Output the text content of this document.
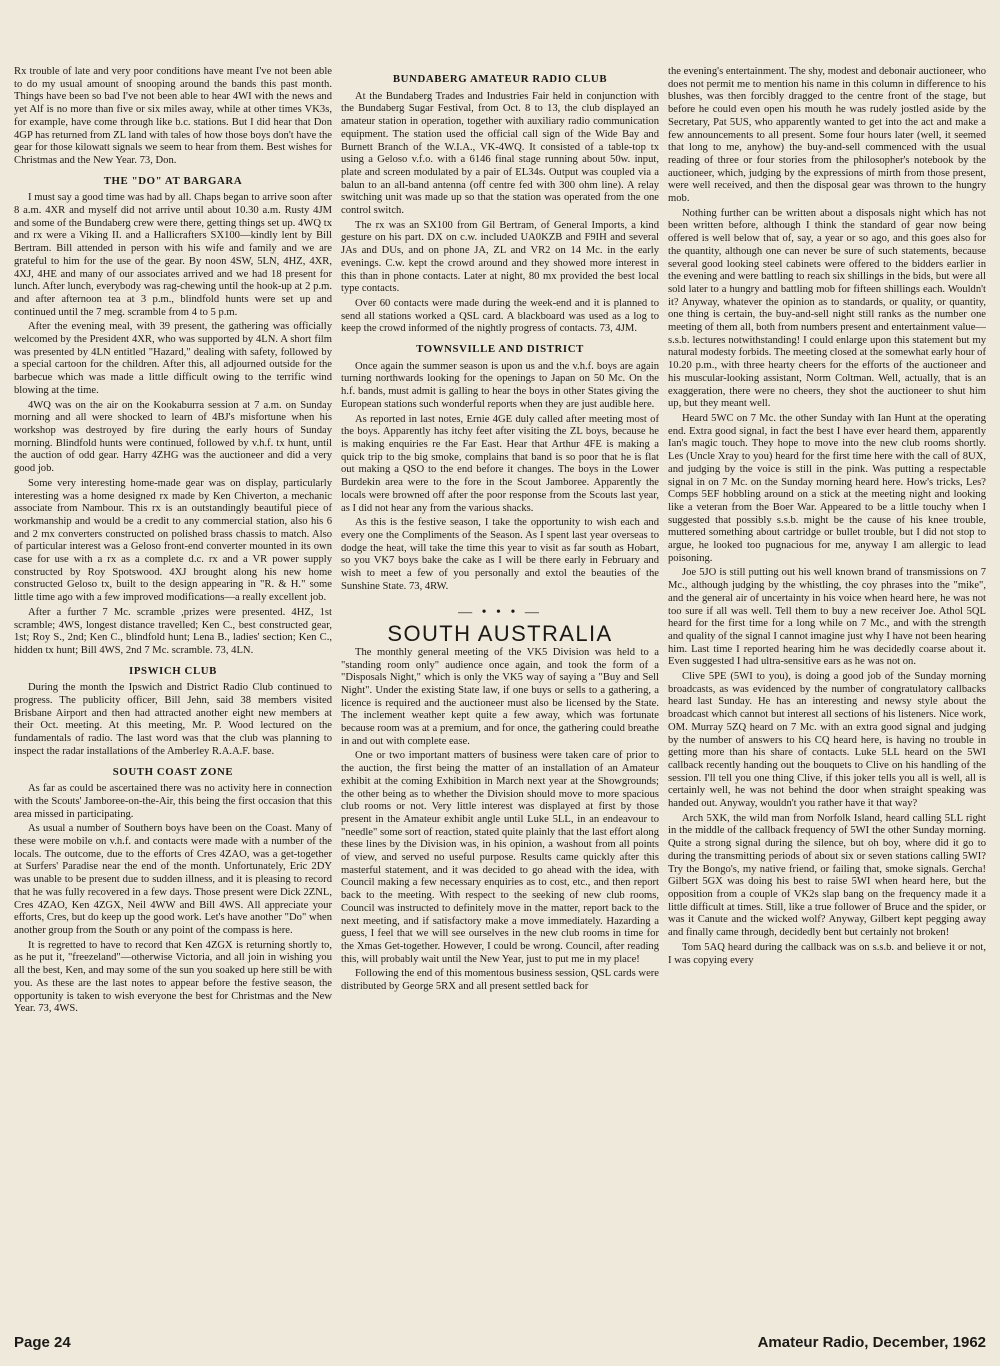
Rx trouble of late and very poor conditions have meant I've not been able to do my usual amount of snooping around the bands this past month. Things have been so bad I've not been able to hear 4WI with the news and yet Alf is no more than five or six miles away, while at other times VK3s, for example, have come through like b.c. stations. But I did hear that Don 4GP has returned from ZL land with tales of how those boys don't have the gear for those kilowatt signals we seem to hear from them. Best wishes for Christmas and the New Year. 73, Don.

THE "DO" AT BARGARA

I must say a good time was had by all. Chaps began to arrive soon after 8 a.m. 4XR and myself did not arrive until about 10.30 a.m. Rusty 4JM and some of the Bundaberg crew were there, getting things set up. 4WQ tx and rx were a Viking II. and a Hallicrafters SX100—kindly lent by Bill Bertram. Bill attended in person with his wife and family and we are grateful to him for the use of the gear. By noon 4SW, 5LN, 4HZ, 4XR, 4XJ, 4HE and many of our associates arrived and we had 18 present for lunch. After lunch, everybody was rag-chewing until the hook-up at 2 p.m. and after afternoon tea at 3 p.m., blindfold hunts were set up and continued until the 7 meg. scramble from 4 to 5 p.m.

After the evening meal, with 39 present, the gathering was officially welcomed by the President 4XR, who was supported by 4LN. A short film was presented by 4LN entitled "Hazard," dealing with safety, followed by a special cartoon for the children. After this, all adjourned outside for the barbecue which was made a little difficult owing to the terrific wind blowing at the time.

4WQ was on the air on the Kookaburra session at 7 a.m. on Sunday morning and all were shocked to learn of 4BJ's misfortune when his workshop was destroyed by fire during the early hours of Sunday morning. Blindfold hunts were continued, followed by v.h.f. tx hunt, until the auction of odd gear. Harry 4ZHG was the auctioneer and did a very good job.

Some very interesting home-made gear was on display, particularly interesting was a home designed rx made by Ken Chiverton, a mechanic associate from Nambour. This rx is an outstandingly beautiful piece of workmanship and would be a credit to any commercial station, also his 6 and 2 mx converters constructed on polished brass chassis to match. Also of particular interest was a Geloso front-end converter mounted in its own case for use with a rx as a complete d.c. rx and a VR power supply constructed by Roy Spotswood. 4XJ brought along his new home constructed Geloso tx, built to the design appearing in "R. & H." some little time ago with a few improved modifications—a really excellent job.

After a further 7 Mc. scramble ,prizes were presented. 4HZ, 1st scramble; 4WS, longest distance travelled; Ken C., best constructed gear, 1st; Roy S., 2nd; Ken C., blindfold hunt; Lena B., ladies' section; Ken C., hidden tx hunt; Bill 4WS, 2nd 7 Mc. scramble. 73, 4LN.

IPSWICH CLUB

During the month the Ipswich and District Radio Club continued to progress. The publicity officer, Bill Jehn, said 38 members visited Brisbane Airport and then had attracted another eight new members at their Oct. meeting. At this meeting, Mr. P. Wood lectured on the fundamentals of radio. The last word was that the club was planning to inspect the radar installations of the Amberley R.A.A.F. base.

SOUTH COAST ZONE

As far as could be ascertained there was no activity here in connection with the Scouts' Jamboree-on-the-Air, this being the first occasion that this area missed in participating.

As usual a number of Southern boys have been on the Coast. Many of these were mobile on v.h.f. and contacts were made with a number of the locals. The outcome, due to the efforts of Cres 4ZAO, was a get-together at Surfers' Paradise near the end of the month. Unfortunately, Eric 2DY was unable to be present due to sudden illness, and it is pleasing to record that he was fully recovered in a few days. Those present were Dick 2ZNL, Cres 4ZAO, Ken 4ZGX, Neil 4WW and Bill 4WS. All appreciate your efforts, Cres, but do keep up the good work. Let's have another "Do" when another group from the South or any point of the compass is here.

It is regretted to have to record that Ken 4ZGX is returning shortly to, as he put it, "freezeland"—otherwise Victoria, and all join in wishing you all the best, Ken, and may some of the sun you soaked up here still be with you. As these are the last notes to appear before the festive season, the opportunity is taken to wish everyone the best for Christmas and the New Year. 73, 4WS.

BUNDABERG AMATEUR RADIO CLUB

At the Bundaberg Trades and Industries Fair held in conjunction with the Bundaberg Sugar Festival, from Oct. 8 to 13, the club displayed an amateur station in operation, together with auxiliary radio communication equipment. The station used the official call sign of the Wide Bay and Burnett Branch of the W.I.A., VK-4WQ. It consisted of a table-top tx using a Geloso v.f.o. with a 6146 final stage running about 50w. input, plate and screen modulated by a pair of EL34s. Output was coupled via a balun to an all-band antenna (off centre fed with 300 ohm line). A relay switching unit was made up so that the station was operated from the one control switch.

The rx was an SX100 from Gil Bertram, of General Imports, a kind gesture on his part. DX on c.w. included UA0KZB and F9IH and several JAs and DUs, and on phone JA, ZL and VR2 on 14 Mc. in the early evenings. C.w. kept the crowd around and they showed more interest in this than in phone contacts. Later at night, 80 mx provided the best local type contacts.

Over 60 contacts were made during the week-end and it is planned to send all stations worked a QSL card. A blackboard was used as a log to keep the crowd informed of the nightly progress of contacts. 73, 4JM.

TOWNSVILLE AND DISTRICT

Once again the summer season is upon us and the v.h.f. boys are again turning northwards looking for the openings to Japan on 50 Mc. On the h.f. bands, must admit is galling to hear the boys in other States giving the European stations such wonderful reports when they are just audible here.

As reported in last notes, Ernie 4GE duly called after meeting most of the boys. Apparently has itchy feet after visiting the ZL boys, because he is making enquiries re the Far East. Hear that Arthur 4FE is making a quick trip to the big smoke, complains that band is so poor that he is flat out making a QSO to the end before it changes. The boys in the Lower Burdekin area were to the fore in the Scout Jamboree. Apparently the locals were browned off after the poor response from the Scouts last year, as I did not hear any from the various shacks.

As this is the festive season, I take the opportunity to wish each and every one the Compliments of the Season. As I spent last year overseas to dodge the heat, will take the time this year to visit as far south as Hobart, so you VK7 boys bake the cake as I will be there early in February and wish to meet a few of you personally and extol the beauties of the Sunshine State. 73, 4RW.

— • • • —
SOUTH AUSTRALIA

The monthly general meeting of the VK5 Division was held to a "standing room only" audience once again, and took the form of a "Disposals Night," which is only the VK5 way of saying a "Buy and Sell Night". Under the existing State law, if one buys or sells to a gathering, a licence is required and the auctioneer must also be licensed by the State. The inclement weather kept quite a few away, which was fortunate because room was at a premium, and for once, the gathering could breathe in and out with complete ease.

One or two important matters of business were taken care of prior to the auction, the first being the matter of an installation of an Amateur exhibit at the coming Exhibition in March next year at the Showgrounds; the other being as to whether the Division should move to more spacious club rooms or not. Very little interest was displayed at first by those present in the Amateur exhibit angle until Luke 5LL, in an endeavour to "needle" some sort of reaction, stated quite plainly that the last effort along these lines by the Division was, in his opinion, a washout from all points of view, and served no useful purpose. Results came quickly after this masterful statement, and it was decided to go ahead with the idea, with Council making a few necessary enquiries as to cost, etc., and then report back to the meeting. With respect to the seeking of new club rooms, Council was instructed to definitely move in the matter, report back to the next meeting, and if satisfactory make a move immediately. Hazarding a guess, I feel that we will see ourselves in the new club rooms in time for the Xmas Get-together. However, I could be wrong. Council, after reading this, will probably wait until the New Year, just to put me in my place!

Following the end of this momentous business session, QSL cards were distributed by George 5RX and all present settled back for

the evening's entertainment. The shy, modest and debonair auctioneer, who does not permit me to mention his name in this column in difference to his blushes, was then forcibly dragged to the centre front of the stage, but before he could even open his mouth he was rudely jostled aside by the Secretary, Pat 5US, who apparently wanted to get into the act and make a few announcements to all present. Some four hours later (well, it seemed that long to me, anyhow) the buy-and-sell commenced with the usual reading of three or four stories from the philosopher's notebook by the auctioneer, which, judging by the expressions of mirth from those present, were well received, and then the disposal gear was thrown to the hungry mob.

Nothing further can be written about a disposals night which has not been written before, although I think the standard of gear now being offered is well below that of, say, a year or so ago, and this goes also for the quantity, although one can never be sure of such statements, because several good looking steel cabinets were offered to the bidders earlier in the evening and were battling to reach six shillings in the bids, but were all sold later to a hungry and battling mob for fifteen shillings each. Wouldn't it? Anyway, whatever the opinion as to standards, or quality, or quantity, one thing is certain, the buy-and-sell night still ranks as the number one meeting of them all, both from numbers present and entertainment value—s.s.b. lectures notwithstanding! I could enlarge upon this statement but my natural modesty forbids. The meeting closed at the somewhat early hour of 10.20 p.m., with three hearty cheers for the efforts of the auctioneer and his muscular-looking assistant, Norm Coltman. Well, actually, that is an exaggeration, there were no cheers, they shot the auctioneer to shut him up, but they meant well.

Heard 5WC on 7 Mc. the other Sunday with Ian Hunt at the operating end. Extra good signal, in fact the best I have ever heard them, apparently Ian's magic touch. They hope to move into the new club rooms shortly. Les (Uncle Xray to you) heard for the first time here with the call of 8UX, and judging by the voice is still in the pink. Was putting a respectable signal in on 7 Mc. on the Sunday morning heard here. How's tricks, Les? Comps 5EF hobbling around on a stick at the meeting night and looking like a veteran from the Boer War. Appeared to be a little touchy when I suggested that possibly s.s.b. might be the cause of his knee trouble, muttered something about cartridge or bullet trouble, but I did not stop to argue, he looked too pugnacious for me, anyway I am allergic to lead poisoning.

Joe 5JO is still putting out his well known brand of transmissions on 7 Mc., although judging by the whistling, the coy phrases into the "mike", and the general air of uncertainty in his voice when heard here, he was not too sure if all was well. Tell them to buy a new receiver Joe. Athol 5QL heard for the first time for a long while on 7 Mc., and with the strength and quality of the signal I cannot imagine just why I have not been hearing him. Last time I reported hearing him he was decidedly coarse about it. Even suggested I had ultra-sensitive ears as he was not on.

Clive 5PE (5WI to you), is doing a good job of the Sunday morning broadcasts, as was evidenced by the number of congratulatory callbacks heard last Sunday. He has an interesting and newsy style about the broadcast which cannot but interest all sections of his listeners. Nice work, OM. Murray 5ZQ heard on 7 Mc. with an extra good signal and judging by the number of answers to his CQ heard here, is having no trouble in getting more than his share of contacts. Luke 5LL heard on the 5WI callback recently handing out the bouquets to Clive on his handling of the session. I'll tell you one thing Clive, if this joker tells you all is well, all is certainly well, he was not behind the door when straight speaking was handed out. Anyway, wouldn't you rather have it that way?

Arch 5XK, the wild man from Norfolk Island, heard calling 5LL right in the middle of the callback frequency of 5WI the other Sunday morning. Quite a strong signal during the silence, but oh boy, where did it go to during the transmitting periods of about six or seven stations calling 5WI? Try the Bongo's, my native friend, or failing that, smoke signals. Gercha! Gilbert 5GX was doing his best to raise 5WI when heard here, but the opposition from a couple of VK2s slap bang on the frequency made it a little difficult at times. Still, like a true follower of Bruce and the spider, or was it Canute and the wicked wolf? Anyway, Gilbert kept pegging away and finally came through, decidedly bent but certainly not broken!

Tom 5AQ heard during the callback was on s.s.b. and believe it or not, I was copying every

Page 24	Amateur Radio, December, 1962
